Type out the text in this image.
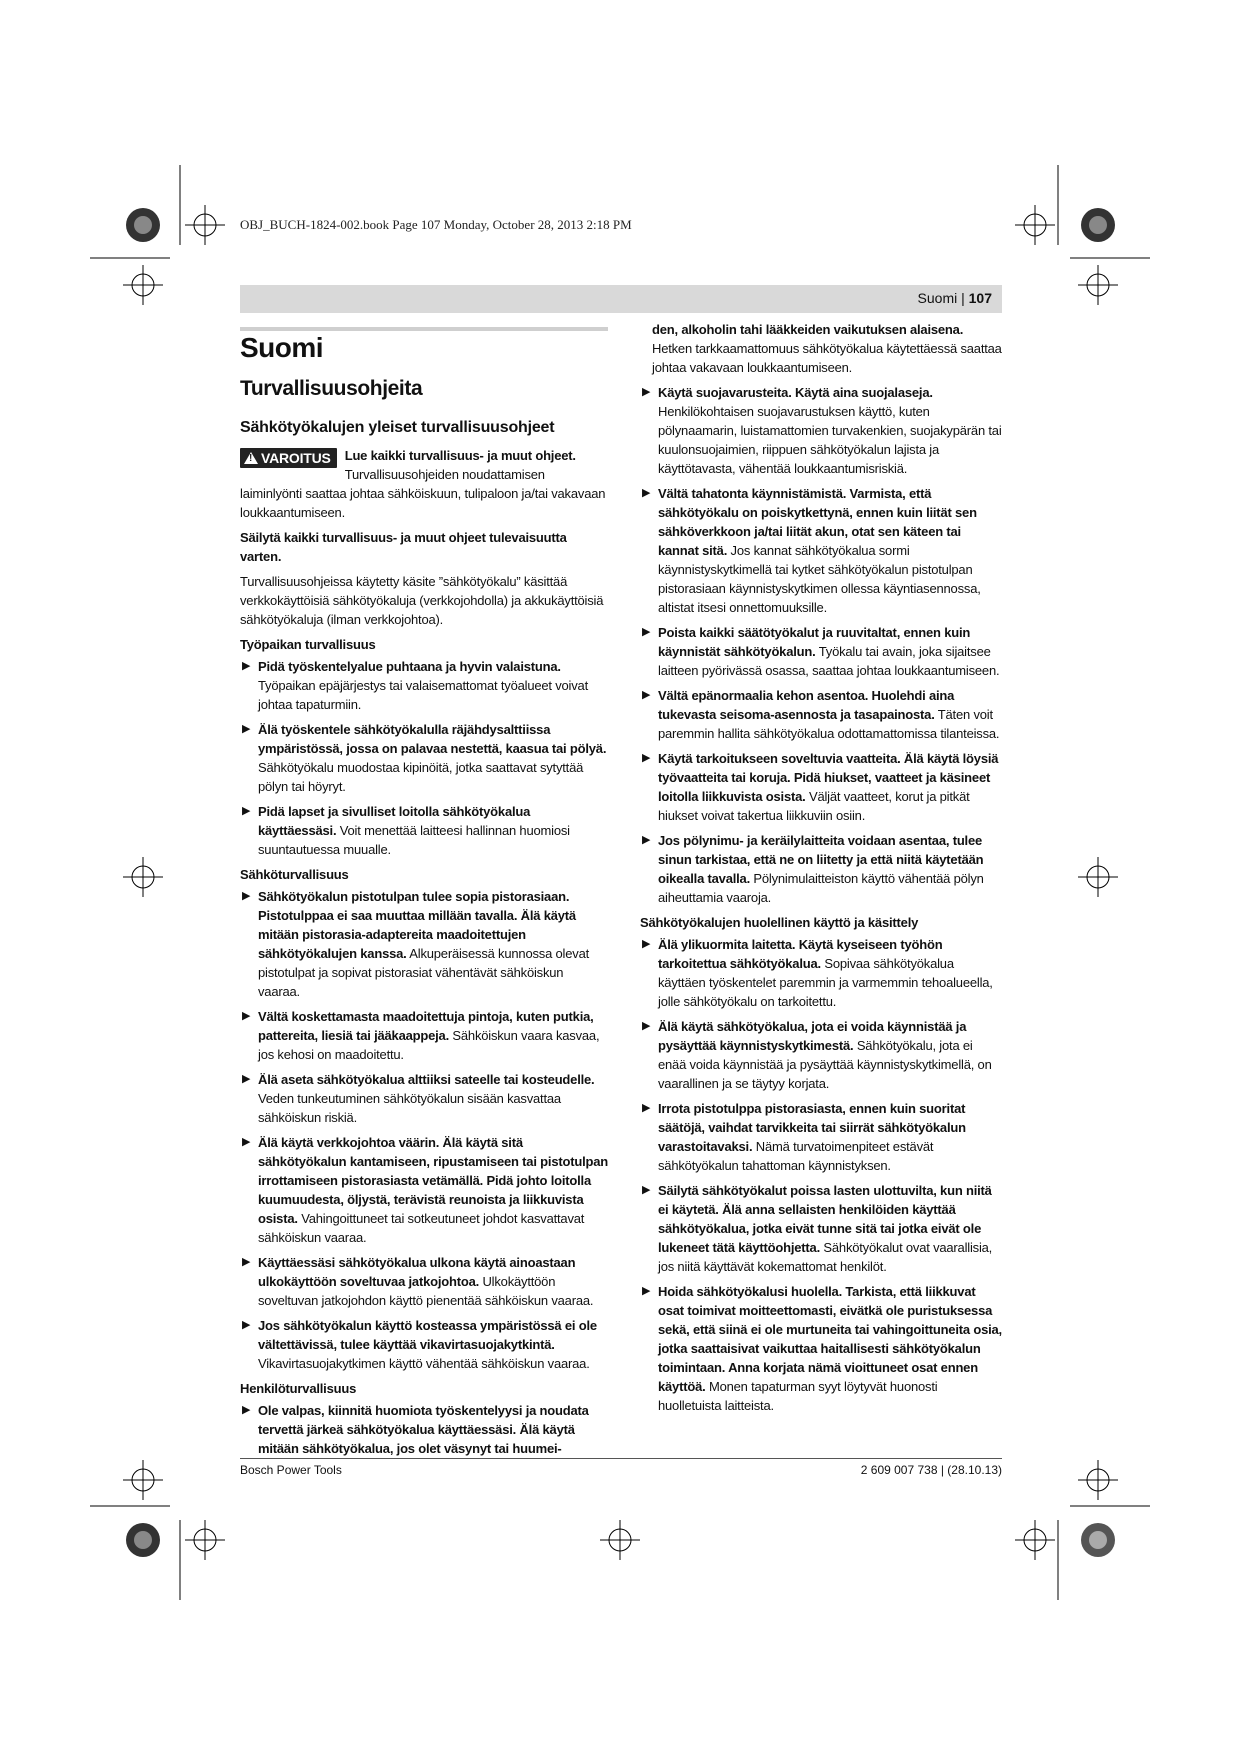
OBJ_BUCH-1824-002.book Page 107 Monday, October 28, 2013 2:18 PM
Suomi | 107
Suomi
Turvallisuusohjeita
Sähkötyökalujen yleiset turvallisuusohjeet
! VAROITUS	Lue kaikki turvallisuus- ja muut ohjeet. Turvallisuusohjeiden noudattamisen laiminlyönti saattaa johtaa sähköiskuun, tulipaloon ja/tai vakavaan loukkaantumiseen.

Säilytä kaikki turvallisuus- ja muut ohjeet tulevaisuutta varten.

Turvallisuusohjeissa käytetty käsite ”sähkötyökalu” käsittää verkkokäyttöisiä sähkötyökaluja (verkkojohdolla) ja akkukäyttöisiä sähkötyökaluja (ilman verkkojohtoa).

Työpaikan turvallisuus
▶ Pidä työskentelyalue puhtaana ja hyvin valaistuna. Työpaikan epäjärjestys tai valaisemattomat työalueet voivat johtaa tapaturmiin.
▶ Älä työskentele sähkötyökalulla räjähdysalttiissa ympäristössä, jossa on palavaa nestettä, kaasua tai pölyä. Sähkötyökalu muodostaa kipinöitä, jotka saattavat sytyttää pölyn tai höyryt.
▶ Pidä lapset ja sivulliset loitolla sähkötyökalua käyttäessäsi. Voit menettää laitteesi hallinnan huomiosi suuntautuessa muualle.
Sähköturvallisuus
▶ Sähkötyökalun pistotulpan tulee sopia pistorasiaan. Pistotulppaa ei saa muuttaa millään tavalla. Älä käytä mitään pistorasia-adaptereita maadoitettujen sähkötyökalujen kanssa. Alkuperäisessä kunnossa olevat pistotulpat ja sopivat pistorasiat vähentävät sähköiskun vaaraa.
▶ Vältä koskettamasta maadoitettuja pintoja, kuten putkia, pattereita, liesiä tai jääkaappeja. Sähköiskun vaara kasvaa, jos kehosi on maadoitettu.
▶ Älä aseta sähkötyökalua alttiiksi sateelle tai kosteudelle. Veden tunkeutuminen sähkötyökalun sisään kasvattaa sähköiskun riskiä.
▶ Älä käytä verkkojohtoa väärin. Älä käytä sitä sähkötyökalun kantamiseen, ripustamiseen tai pistotulpan irrottamiseen pistorasiasta vetämällä. Pidä johto loitolla kuumuudesta, öljystä, terävistä reunoista ja liikkuvista osista. Vahingoittuneet tai sotkeutuneet johdot kasvattavat sähköiskun vaaraa.
▶ Käyttäessäsi sähkötyökalua ulkona käytä ainoastaan ulkokäyttöön soveltuvaa jatkojohtoa. Ulkokäyttöön soveltuvan jatkojohdon käyttö pienentää sähköiskun vaaraa.
▶ Jos sähkötyökalun käyttö kosteassa ympäristössä ei ole vältettävissä, tulee käyttää vikavirtasuojakytkintä. Vikavirtasuojakytkimen käyttö vähentää sähköiskun vaaraa.
Henkilöturvallisuus
▶ Ole valpas, kiinnitä huomiota työskentelyysi ja noudata tervettä järkeä sähkötyökalua käyttäessäsi. Älä käytä mitään sähkötyökalua, jos olet väsynyt tai huumei-

den, alkoholin tahi lääkkeiden vaikutuksen alaisena. Hetken tarkkaamattomuus sähkötyökalua käytettäessä saattaa johtaa vakavaan loukkaantumiseen.

▶ Käytä suojavarusteita. Käytä aina suojalaseja. Henkilökohtaisen suojavarustuksen käyttö, kuten pölynaamarin, luistamattomien turvakenkien, suojakypärän tai kuulonsuojaimien, riippuen sähkötyökalun lajista ja käyttötavasta, vähentää loukkaantumisriskiä.
▶ Vältä tahatonta käynnistämistä. Varmista, että sähkötyökalu on poiskytkettynä, ennen kuin liität sen sähköverkkoon ja/tai liität akun, otat sen käteen tai kannat sitä. Jos kannat sähkötyökalua sormi käynnistyskytkimellä tai kytket sähkötyökalun pistotulpan pistorasiaan käynnistyskytkimen ollessa käyntiasennossa, altistat itsesi onnettomuuksille.
▶ Poista kaikki säätötyökalut ja ruuvitaltat, ennen kuin käynnistät sähkötyökalun. Työkalu tai avain, joka sijaitsee laitteen pyörivässä osassa, saattaa johtaa loukkaantumiseen.
▶ Vältä epänormaalia kehon asentoa. Huolehdi aina tukevasta seisoma-asennosta ja tasapainosta. Täten voit paremmin hallita sähkötyökalua odottamattomissa tilanteissa.
▶ Käytä tarkoitukseen soveltuvia vaatteita. Älä käytä löysiä työvaatteita tai koruja. Pidä hiukset, vaatteet ja käsineet loitolla liikkuvista osista. Väljät vaatteet, korut ja pitkät hiukset voivat takertua liikkuviin osiin.
▶ Jos pölynimu- ja keräilylaitteita voidaan asentaa, tulee sinun tarkistaa, että ne on liitetty ja että niitä käytetään oikealla tavalla. Pölynimulaitteiston käyttö vähentää pölyn aiheuttamia vaaroja.
Sähkötyökalujen huolellinen käyttö ja käsittely
▶ Älä ylikuormita laitetta. Käytä kyseiseen työhön tarkoitettua sähkötyökalua. Sopivaa sähkötyökalua käyttäen työskentelet paremmin ja varmemmin tehoalueella, jolle sähkötyökalu on tarkoitettu.
▶ Älä käytä sähkötyökalua, jota ei voida käynnistää ja pysäyttää käynnistyskytkimestä. Sähkötyökalu, jota ei enää voida käynnistää ja pysäyttää käynnistyskytkimellä, on vaarallinen ja se täytyy korjata.
▶ Irrota pistotulppa pistorasiasta, ennen kuin suoritat säätöjä, vaihdat tarvikkeita tai siirrät sähkötyökalun varastoitavaksi. Nämä turvatoimenpiteet estävät sähkötyökalun tahattoman käynnistyksen.
▶ Säilytä sähkötyökalut poissa lasten ulottuvilta, kun niitä ei käytetä. Älä anna sellaisten henkilöiden käyttää sähkötyökalua, jotka eivät tunne sitä tai jotka eivät ole lukeneet tätä käyttöohjetta. Sähkötyökalut ovat vaarallisia, jos niitä käyttävät kokemattomat henkilöt.
▶ Hoida sähkötyökalusi huolella. Tarkista, että liikkuvat osat toimivat moitteettomasti, eivätkä ole puristuksessa sekä, että siinä ei ole murtuneita tai vahingoittuneita osia, jotka saattaisivat vaikuttaa haitallisesti sähkötyökalun toimintaan. Anna korjata nämä vioittuneet osat ennen käyttöä. Monen tapaturman syyt löytyvät huonosti huolletuista laitteista.
Bosch Power Tools	2 609 007 738 | (28.10.13)
